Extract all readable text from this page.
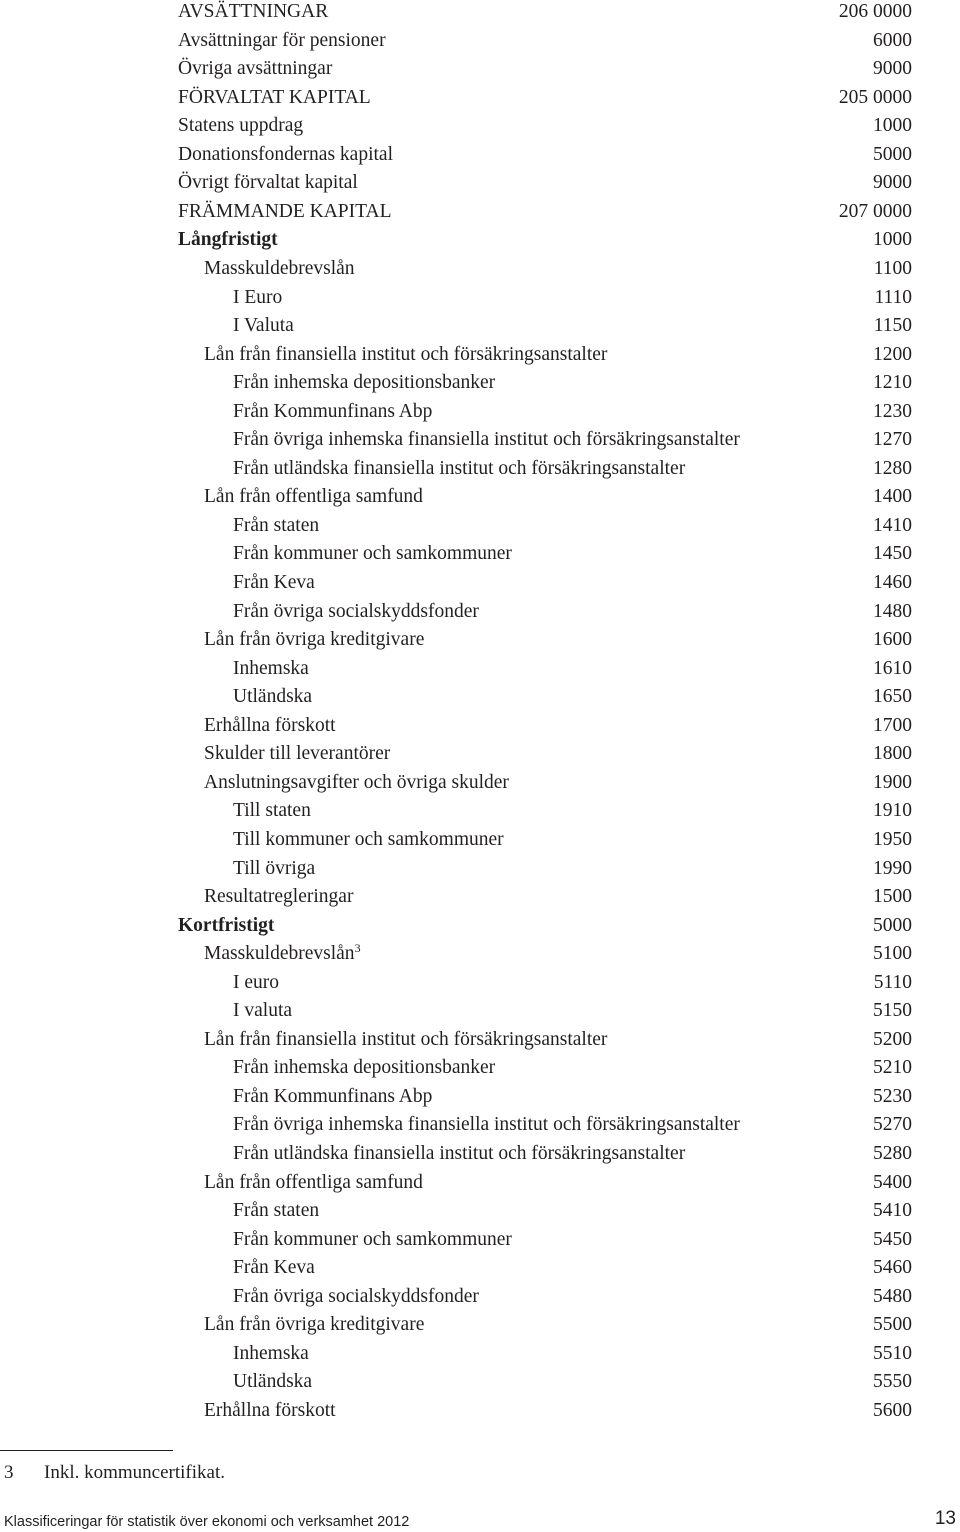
AVSÄTTNINGAR	206 0000
Avsättningar för pensioner	6000
Övriga avsättningar	9000
FÖRVALTAT KAPITAL	205 0000
Statens uppdrag	1000
Donationsfondernas kapital	5000
Övrigt förvaltat kapital	9000
FRÄMMANDE KAPITAL	207 0000
Långfristigt	1000
Masskuldebrevslån	1100
I Euro	1110
I Valuta	1150
Lån från finansiella institut och försäkringsanstalter	1200
Från inhemska depositionsbanker	1210
Från Kommunfinans Abp	1230
Från övriga inhemska finansiella institut och försäkringsanstalter	1270
Från utländska finansiella institut och försäkringsanstalter	1280
Lån från offentliga samfund	1400
Från staten	1410
Från kommuner och samkommuner	1450
Från Keva	1460
Från övriga socialskyddsfonder	1480
Lån från övriga kreditgivare	1600
Inhemska	1610
Utländska	1650
Erhållna förskott	1700
Skulder till leverantörer	1800
Anslutningsavgifter och övriga skulder	1900
Till staten	1910
Till kommuner och samkommuner	1950
Till övriga	1990
Resultatregleringar	1500
Kortfristigt	5000
Masskuldebrevslån$^3$	5100
I euro	5110
I valuta	5150
Lån från finansiella institut och försäkringsanstalter	5200
Från inhemska depositionsbanker	5210
Från Kommunfinans Abp	5230
Från övriga inhemska finansiella institut och försäkringsanstalter	5270
Från utländska finansiella institut och försäkringsanstalter	5280
Lån från offentliga samfund	5400
Från staten	5410
Från kommuner och samkommuner	5450
Från Keva	5460
Från övriga socialskyddsfonder	5480
Lån från övriga kreditgivare	5500
Inhemska	5510
Utländska	5550
Erhållna förskott	5600
3 Inkl. kommuncertifikat.
Klassificeringar för statistik över ekonomi och verksamhet 2012	13
